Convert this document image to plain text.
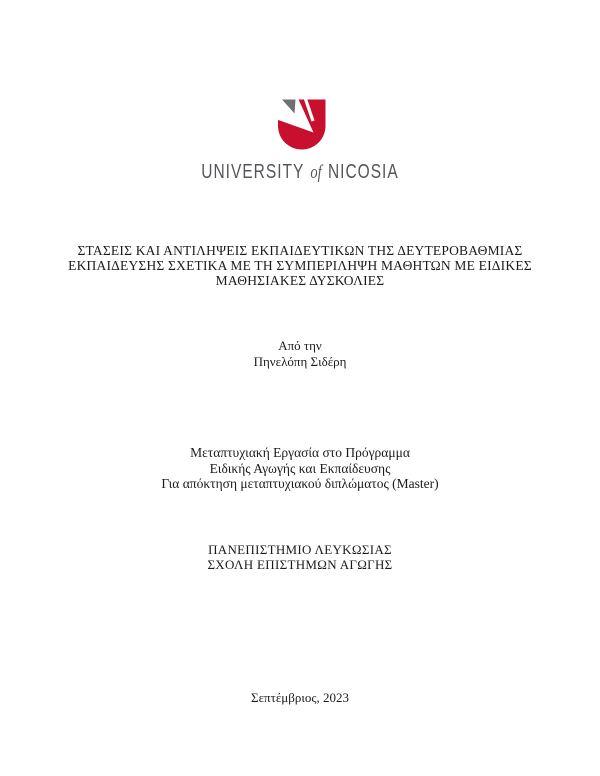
UNIVERSITY of NICOSIA
ΣΤΑΣΕΙΣ ΚΑΙ ΑΝΤΙΛΗΨΕΙΣ ΕΚΠΑΙΔΕΥΤΙΚΩΝ ΤΗΣ ΔΕΥΤΕΡΟΒΑΘΜΙΑΣ
ΕΚΠΑΙΔΕΥΣΗΣ ΣΧΕΤΙΚΑ ΜΕ ΤΗ ΣΥΜΠΕΡΙΛΗΨΗ ΜΑΘΗΤΩΝ ΜΕ ΕΙΔΙΚΕΣ
ΜΑΘΗΣΙΑΚΕΣ ΔΥΣΚΟΛΙΕΣ
Από την
Πηνελόπη Σιδέρη
Μεταπτυχιακή Εργασία στο Πρόγραμμα
Ειδικής Αγωγής και Εκπαίδευσης
Για απόκτηση μεταπτυχιακού διπλώματος (Master)
ΠΑΝΕΠΙΣΤΗΜΙΟ ΛΕΥΚΩΣΙΑΣ
ΣΧΟΛΗ ΕΠΙΣΤΗΜΩΝ ΑΓΩΓΗΣ
Σεπτέμβριος, 2023
